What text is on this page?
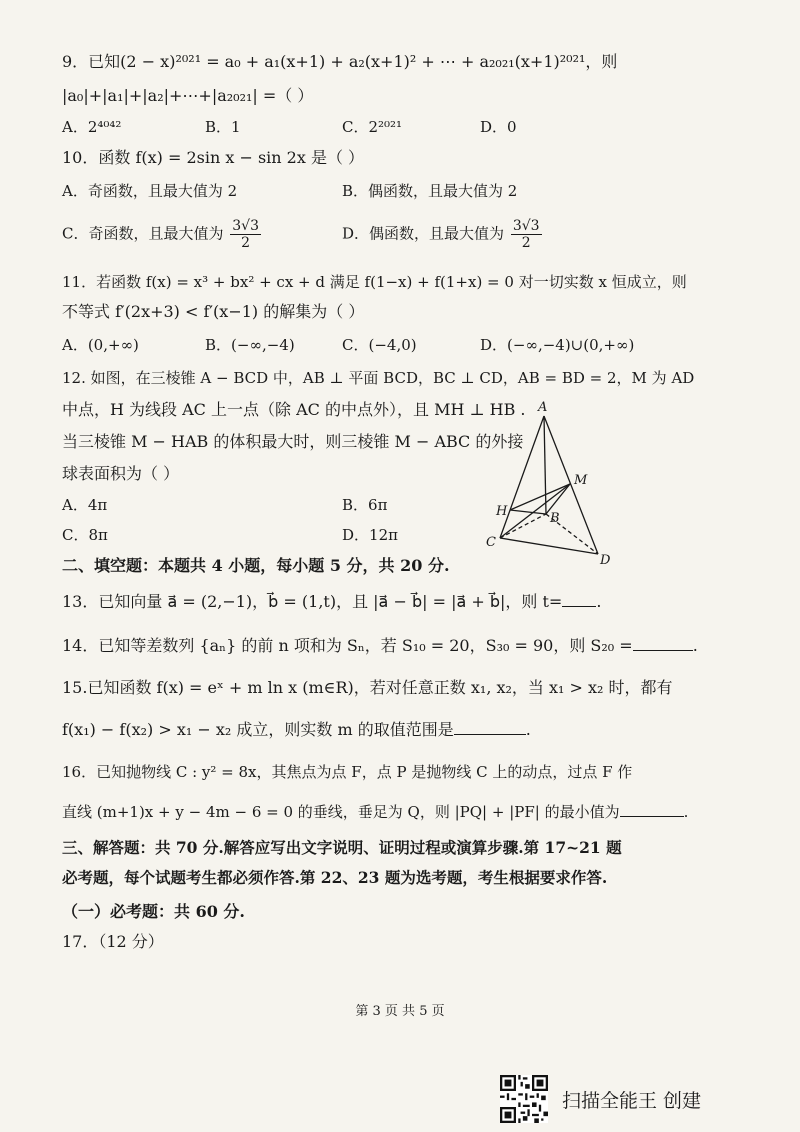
9．已知(2 − x)²⁰²¹ = a₀ + a₁(x+1) + a₂(x+1)² + ⋯ + a₂₀₂₁(x+1)²⁰²¹，则
|a₀|+|a₁|+|a₂|+⋯+|a₂₀₂₁| =（ ）
A．2⁴⁰⁴²	B．1	C．2²⁰²¹	D．0
10．函数 f(x) = 2sin x − sin 2x 是（ ）
A．奇函数，且最大值为 2	B．偶函数，且最大值为 2
C．奇函数，且最大值为 $\frac{3√3}{2}$	D．偶函数，且最大值为 $\frac{3√3}{2}$
11．若函数 f(x) = x³ + bx² + cx + d 满足 f(1−x) + f(1+x) = 0 对一切实数 x 恒成立，则
不等式 f′(2x+3) < f′(x−1) 的解集为（ ）
A．(0,+∞)	B．(−∞,−4)	C．(−4,0)	D．(−∞,−4)∪(0,+∞)
12. 如图，在三棱锥 A − BCD 中，AB ⊥ 平面 BCD，BC ⊥ CD，AB = BD = 2，M 为 AD
中点，H 为线段 AC 上一点（除 AC 的中点外），且 MH ⊥ HB .
当三棱锥 M − HAB 的体积最大时，则三棱锥 M − ABC 的外接
球表面积为（ ）
A．4π	B．6π
C．8π	D．12π
A
M
H	B
C
D
二、填空题：本题共 4 小题，每小题 5 分，共 20 分.
13．已知向量 a⃗ = (2,−1)，b⃗ = (1,t)，且 |a⃗ − b⃗| = |a⃗ + b⃗|，则 t= .
14．已知等差数列 {aₙ} 的前 n 项和为 Sₙ，若 S₁₀ = 20，S₃₀ = 90，则 S₂₀ =	.
15.已知函数 f(x) = eˣ + m ln x (m∈R)，若对任意正数 x₁, x₂，当 x₁ > x₂ 时，都有
f(x₁) − f(x₂) > x₁ − x₂ 成立，则实数 m 的取值范围是	.
16．已知抛物线 C : y² = 8x，其焦点为点 F，点 P 是抛物线 C 上的动点，过点 F 作
直线 (m+1)x + y − 4m − 6 = 0 的垂线，垂足为 Q，则 |PQ| + |PF| 的最小值为	.
三、解答题：共 70 分.解答应写出文字说明、证明过程或演算步骤.第 17~21 题
必考题，每个试题考生都必须作答.第 22、23 题为选考题，考生根据要求作答.
（一）必考题：共 60 分.
17．（12 分）
第 3 页 共 5 页
扫描全能王 创建
